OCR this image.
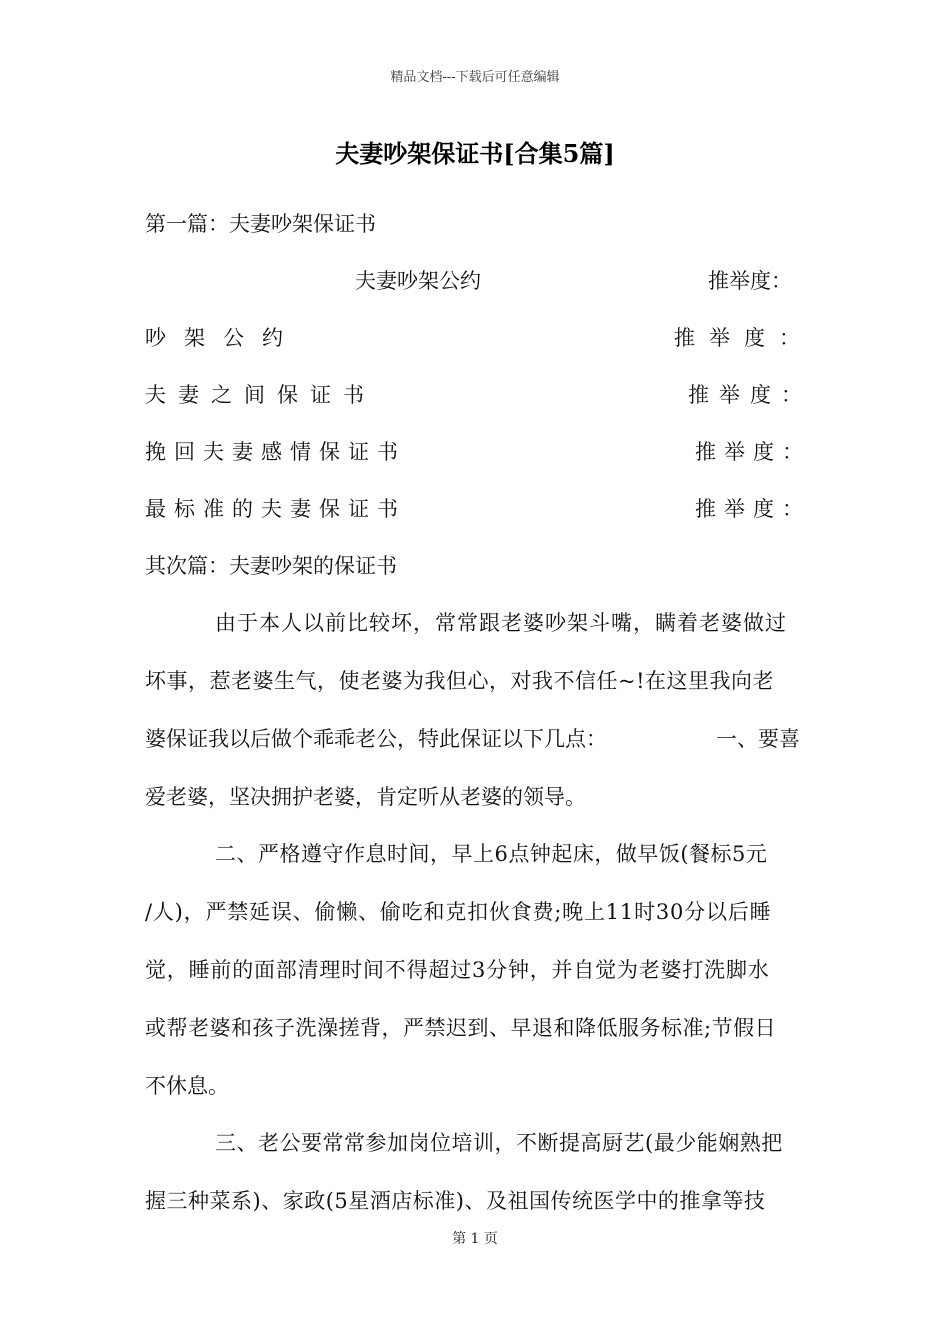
精品文档---下载后可任意编辑
夫妻吵架保证书[合集5篇]
第一篇：夫妻吵架保证书
夫妻吵架公约	推举度：
吵架公约	推举度：
夫妻之间保证书	推举度：
挽回夫妻感情保证书	推举度：
最标准的夫妻保证书	推举度：
其次篇：夫妻吵架的保证书
由于本人以前比较坏，常常跟老婆吵架斗嘴，瞒着老婆做过
坏事，惹老婆生气，使老婆为我但心，对我不信任~!在这里我向老
婆保证我以后做个乖乖老公，特此保证以下几点：	一、要喜
爱老婆，坚决拥护老婆，肯定听从老婆的领导。
二、严格遵守作息时间，早上6点钟起床，做早饭(餐标5元
/人)，严禁延误、偷懒、偷吃和克扣伙食费;晚上11时30分以后睡
觉，睡前的面部清理时间不得超过3分钟，并自觉为老婆打洗脚水
或帮老婆和孩子洗澡搓背，严禁迟到、早退和降低服务标准;节假日
不休息。
三、老公要常常参加岗位培训，不断提高厨艺(最少能娴熟把
握三种菜系)、家政(5星酒店标准)、及祖国传统医学中的推拿等技
第 1 页
